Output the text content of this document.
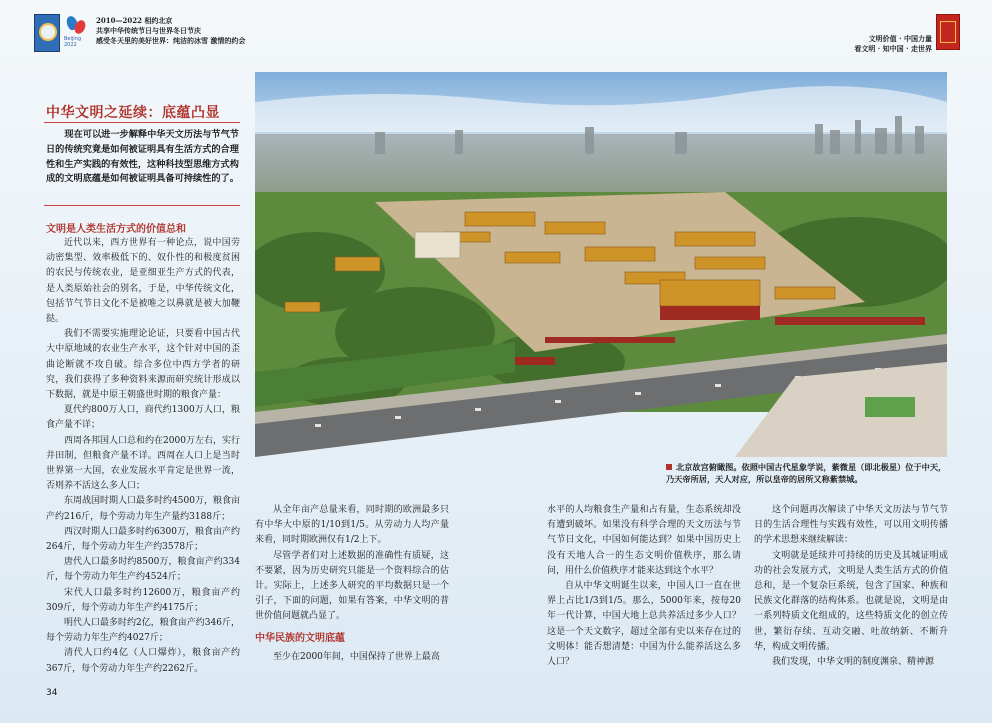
Beijing 2022
2010—2022 相约北京
共享中华传统节日与世界冬日节庆
感受冬天里的美好世界：纯洁的冰雪 激情的约会	文明价值 · 中国力量
看文明 · 知中国 · 走世界
中华文明之延续：底蕴凸显

现在可以进一步解释中华天文历法与节气节日的传统究竟是如何被证明具有生活方式的合理性和生产实践的有效性，这种科技型思维方式构成的文明底蕴是如何被证明具备可持续性的了。

文明是人类生活方式的价值总和

近代以来，西方世界有一种论点，说中国劳动密集型、效率极低下的、奴仆性的和极度贫困的农民与传统农业，是亚细亚生产方式的代表，是人类原始社会的别名，于是，中华传统文化，包括节气节日文化不是被唯之以鼻就是被大加鞭挞。

我们不需要实施理论论证，只要看中国古代大中原地域的农业生产水平，这个针对中国的歪曲论断就不攻自破。综合多位中西方学者的研究，我们获得了多种资料来源而研究统计形成以下数据，就是中原王朝盛世时期的粮食产量：

夏代约800万人口，商代约1300万人口，粮食产量不详；

西周各邦国人口总和约在2000万左右，实行井田制，但粮食产量不详。西周在人口上是当时世界第一大国，农业发展水平肯定是世界一流，否则养不活这么多人口；

东周战国时期人口最多时约4500万，粮食亩产约216斤，每个劳动力年生产量约3188斤；

西汉时期人口最多时约6300万，粮食亩产约264斤，每个劳动力年生产约3578斤；

唐代人口最多时约8500万，粮食亩产约334斤，每个劳动力年生产约4524斤；

宋代人口最多时约12600万，粮食亩产约309斤，每个劳动力年生产约4175斤；

明代人口最多时约2亿，粮食亩产约346斤，每个劳动力年生产约4027斤；

清代人口约4亿（人口爆炸），粮食亩产约367斤，每个劳动力年生产约2262斤。

北京故宫俯瞰图。依照中国古代星象学说，紫微星（即北极星）位于中天，乃天帝所居，天人对应，所以皇帝的居所又称紫禁城。

从全年亩产总量来看，同时期的欧洲最多只有中华大中原的1/10到1/5。从劳动力人均产量来看，同时期欧洲仅有1/2上下。

尽管学者们对上述数据的准确性有质疑，这不要紧，因为历史研究只能是一个资料综合的估计。实际上，上述多人研究的平均数据只是一个引子，下面的问题，如果有答案，中华文明的普世价值问题就凸显了。

中华民族的文明底蕴

至少在2000年间，中国保持了世界上最高

水平的人均粮食生产量和占有量，生态系统却没有遭到破坏。如果没有科学合理的天文历法与节气节日文化，中国如何能达到？如果中国历史上没有天地人合一的生态文明价值秩序，那么请问，用什么价值秩序才能来达到这个水平？

自从中华文明诞生以来，中国人口一直在世界上占比1/3到1/5。那么，5000年来，按每20年一代计算，中国大地上总共养活过多少人口？这是一个天文数字，超过全部有史以来存在过的文明体！能否想清楚：中国为什么能养活这么多人口？

这个问题再次解读了中华天文历法与节气节日的生活合理性与实践有效性，可以用文明传播的学术思想来继续解读：

文明就是延续并可持续的历史及其城证明成功的社会发展方式，文明是人类生活方式的价值总和，是一个复杂巨系统，包含了国家、种族和民族文化群落的结构体系。也就是说，文明是由一系列特质文化组成的，这些特质文化的创立传世，繁衍存续、互动交融、吐故纳新、不断升华，构成文明传播。

我们发现，中华文明的制度渊泉、精神源

34
